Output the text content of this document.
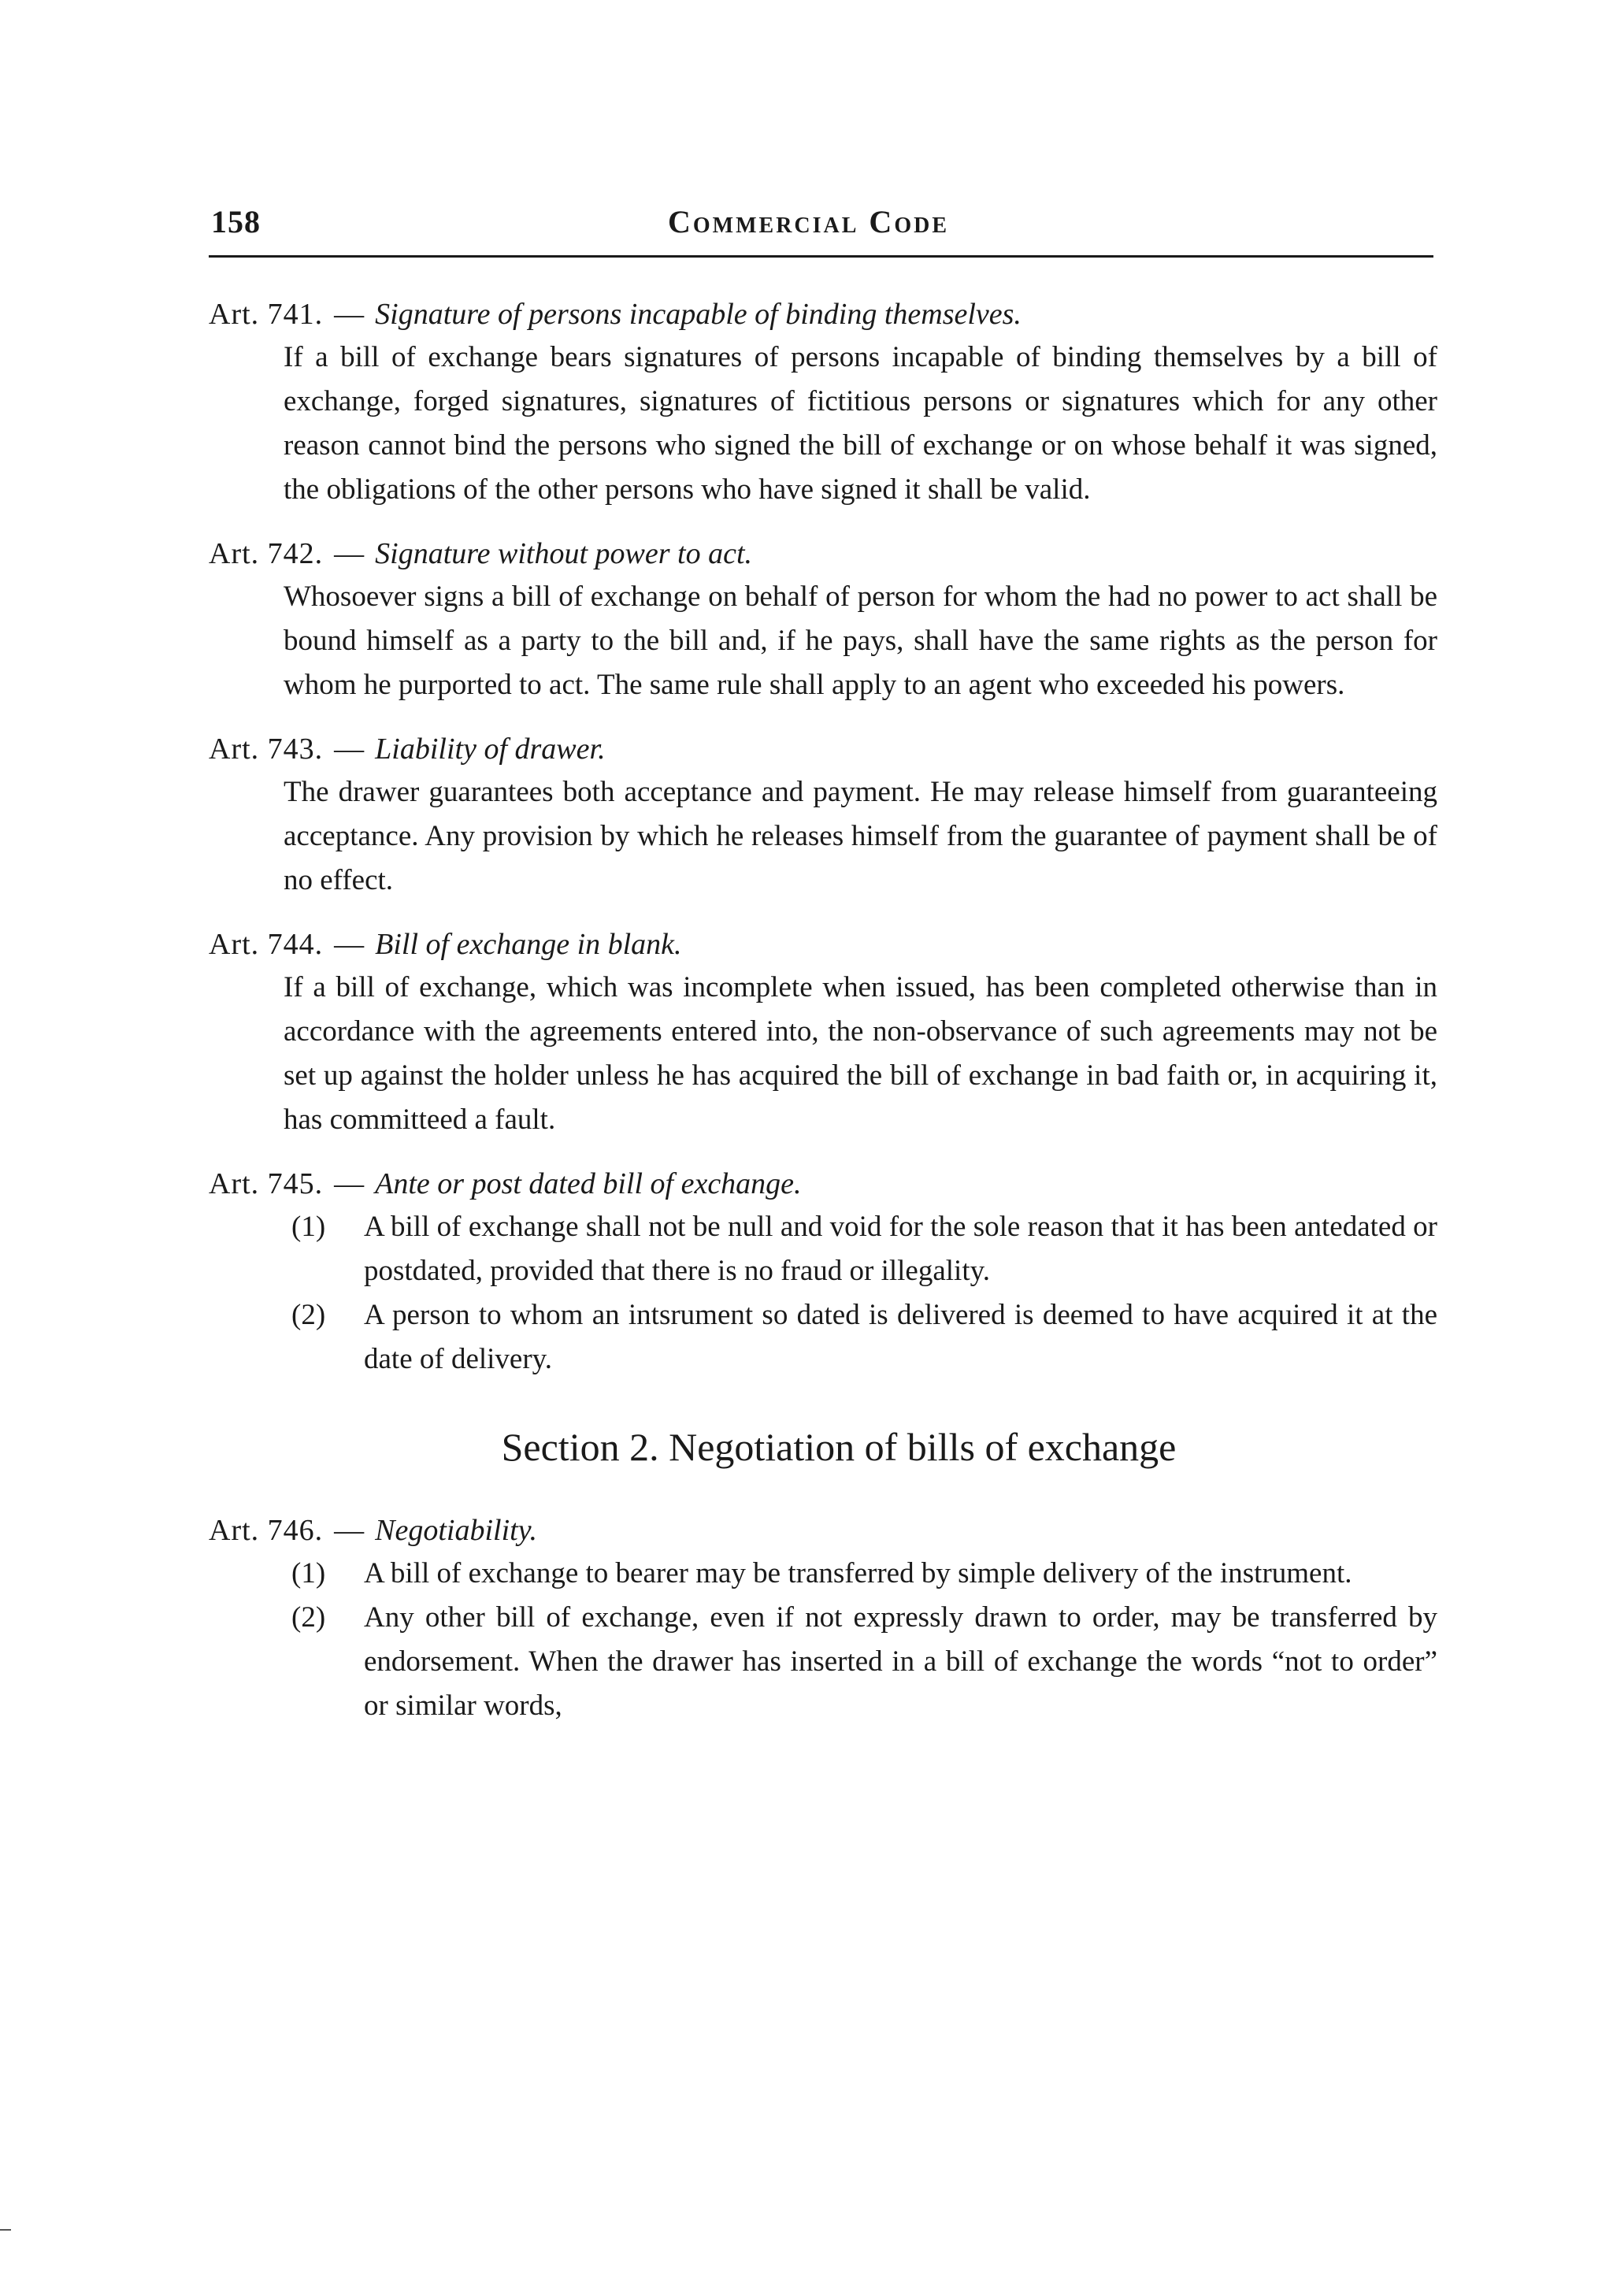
158	Commercial Code
Art. 741. — Signature of persons incapable of binding themselves.
If a bill of exchange bears signatures of persons incapable of binding themselves by a bill of exchange, forged signatures, signatures of fictitious persons or signatures which for any other reason cannot bind the persons who signed the bill of exchange or on whose behalf it was signed, the obligations of the other persons who have signed it shall be valid.
Art. 742. — Signature without power to act.
Whosoever signs a bill of exchange on behalf of person for whom the had no power to act shall be bound himself as a party to the bill and, if he pays, shall have the same rights as the person for whom he purported to act. The same rule shall apply to an agent who exceeded his powers.
Art. 743. — Liability of drawer.
The drawer guarantees both acceptance and payment. He may release himself from guaranteeing acceptance. Any provision by which he releases himself from the guarantee of payment shall be of no effect.
Art. 744. — Bill of exchange in blank.
If a bill of exchange, which was incomplete when issued, has been completed otherwise than in accordance with the agreements entered into, the non-observance of such agreements may not be set up against the holder unless he has acquired the bill of exchange in bad faith or, in acquiring it, has committeed a fault.
Art. 745. — Ante or post dated bill of exchange.
(1)	A bill of exchange shall not be null and void for the sole reason that it has been antedated or postdated, provided that there is no fraud or illegality.
(2)	A person to whom an intsrument so dated is delivered is deemed to have acquired it at the date of delivery.
Section 2. Negotiation of bills of exchange
Art. 746. — Negotiability.
(1)	A bill of exchange to bearer may be transferred by simple delivery of the instrument.
(2)	Any other bill of exchange, even if not expressly drawn to order, may be transferred by endorsement. When the drawer has inserted in a bill of exchange the words “not to order” or similar words,
